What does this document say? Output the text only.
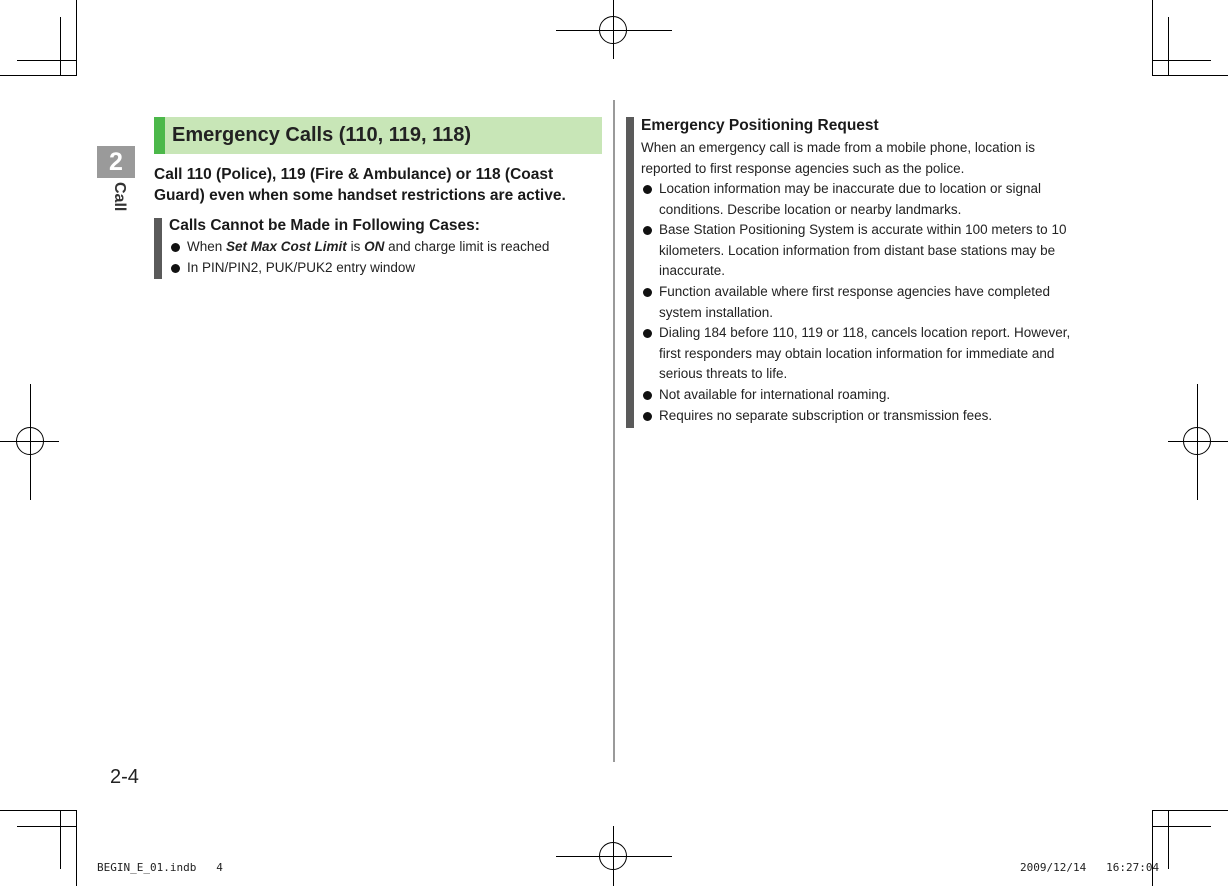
2
Call
Emergency Calls (110, 119, 118)
Call 110 (Police), 119 (Fire & Ambulance) or 118 (Coast Guard) even when some handset restrictions are active.
Calls Cannot be Made in Following Cases:
When Set Max Cost Limit is ON and charge limit is reached
In PIN/PIN2, PUK/PUK2 entry window
Emergency Positioning Request
When an emergency call is made from a mobile phone, location is reported to first response agencies such as the police.
Location information may be inaccurate due to location or signal conditions. Describe location or nearby landmarks.
Base Station Positioning System is accurate within 100 meters to 10 kilometers. Location information from distant base stations may be inaccurate.
Function available where first response agencies have completed system installation.
Dialing 184 before 110, 119 or 118, cancels location report. However, first responders may obtain location information for immediate and serious threats to life.
Not available for international roaming.
Requires no separate subscription or transmission fees.
2-4
BEGIN_E_01.indb   4	2009/12/14   16:27:04
